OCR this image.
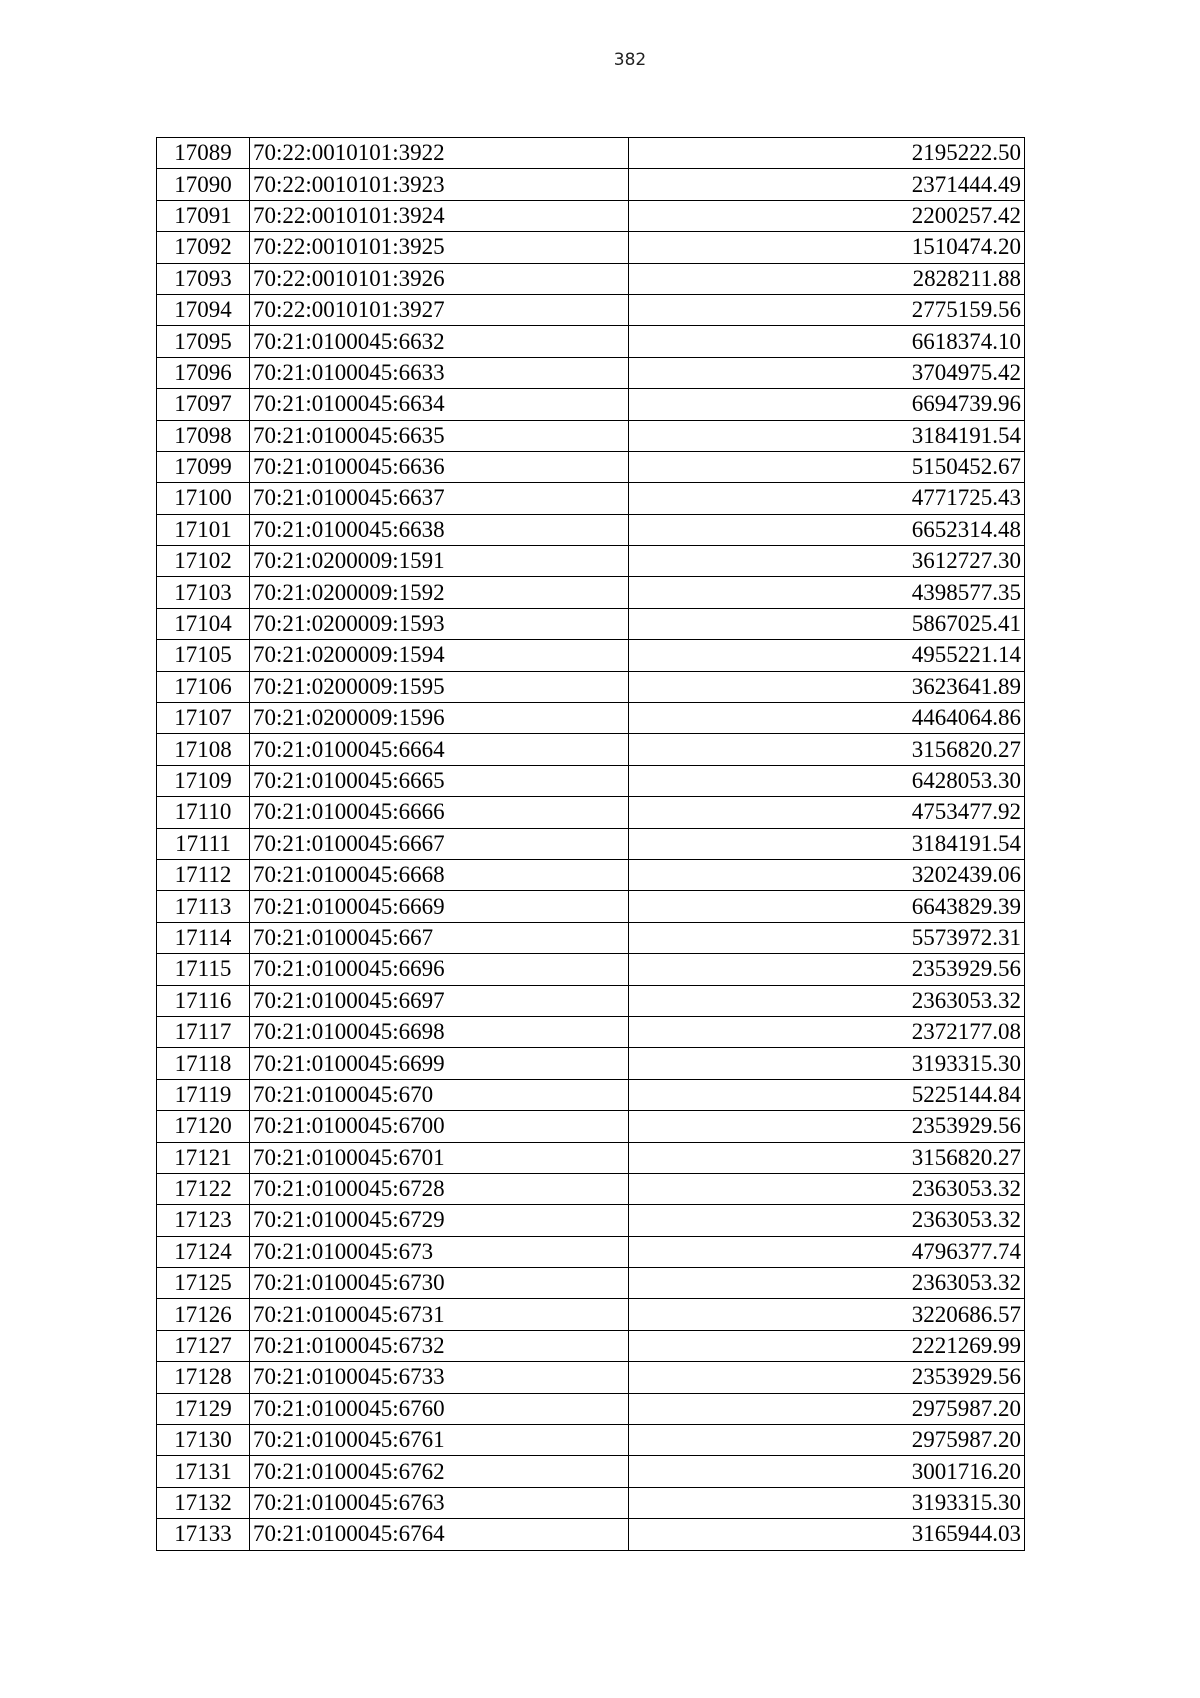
382
17089	70:22:0010101:3922	2195222.50
17090	70:22:0010101:3923	2371444.49
17091	70:22:0010101:3924	2200257.42
17092	70:22:0010101:3925	1510474.20
17093	70:22:0010101:3926	2828211.88
17094	70:22:0010101:3927	2775159.56
17095	70:21:0100045:6632	6618374.10
17096	70:21:0100045:6633	3704975.42
17097	70:21:0100045:6634	6694739.96
17098	70:21:0100045:6635	3184191.54
17099	70:21:0100045:6636	5150452.67
17100	70:21:0100045:6637	4771725.43
17101	70:21:0100045:6638	6652314.48
17102	70:21:0200009:1591	3612727.30
17103	70:21:0200009:1592	4398577.35
17104	70:21:0200009:1593	5867025.41
17105	70:21:0200009:1594	4955221.14
17106	70:21:0200009:1595	3623641.89
17107	70:21:0200009:1596	4464064.86
17108	70:21:0100045:6664	3156820.27
17109	70:21:0100045:6665	6428053.30
17110	70:21:0100045:6666	4753477.92
17111	70:21:0100045:6667	3184191.54
17112	70:21:0100045:6668	3202439.06
17113	70:21:0100045:6669	6643829.39
17114	70:21:0100045:667	5573972.31
17115	70:21:0100045:6696	2353929.56
17116	70:21:0100045:6697	2363053.32
17117	70:21:0100045:6698	2372177.08
17118	70:21:0100045:6699	3193315.30
17119	70:21:0100045:670	5225144.84
17120	70:21:0100045:6700	2353929.56
17121	70:21:0100045:6701	3156820.27
17122	70:21:0100045:6728	2363053.32
17123	70:21:0100045:6729	2363053.32
17124	70:21:0100045:673	4796377.74
17125	70:21:0100045:6730	2363053.32
17126	70:21:0100045:6731	3220686.57
17127	70:21:0100045:6732	2221269.99
17128	70:21:0100045:6733	2353929.56
17129	70:21:0100045:6760	2975987.20
17130	70:21:0100045:6761	2975987.20
17131	70:21:0100045:6762	3001716.20
17132	70:21:0100045:6763	3193315.30
17133	70:21:0100045:6764	3165944.03
